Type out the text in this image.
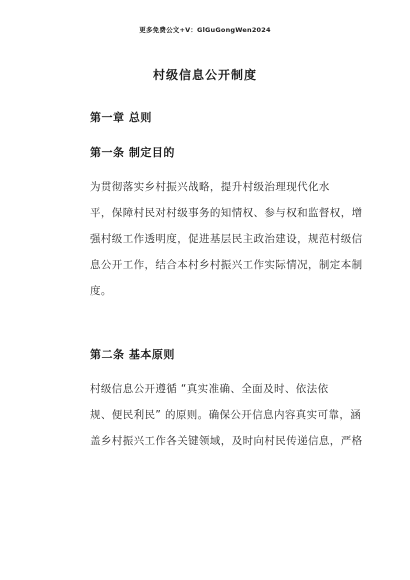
更多免费公文+V：GlGuGongWen2024
村级信息公开制度
第一章 总则
第一条 制定目的
为贯彻落实乡村振兴战略，提升村级治理现代化水
平，保障村民对村级事务的知情权、参与权和监督权，增
强村级工作透明度，促进基层民主政治建设，规范村级信
息公开工作，结合本村乡村振兴工作实际情况，制定本制
度。
第二条 基本原则
村级信息公开遵循 “真实准确、全面及时、依法依
规、便民利民” 的原则。确保公开信息内容真实可靠，涵
盖乡村振兴工作各关键领域，及时向村民传递信息，严格
